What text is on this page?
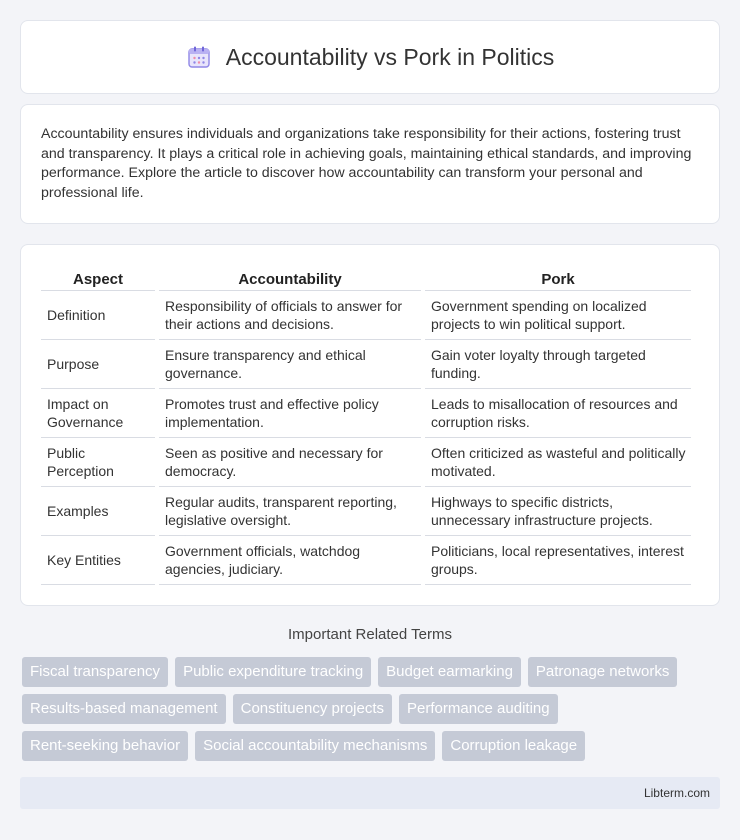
Accountability vs Pork in Politics

Accountability ensures individuals and organizations take responsibility for their actions, fostering trust and transparency. It plays a critical role in achieving goals, maintaining ethical standards, and improving performance. Explore the article to discover how accountability can transform your personal and professional life.

Aspect	Accountability	Pork
Definition	Responsibility of officials to answer for their actions and decisions.	Government spending on localized projects to win political support.
Purpose	Ensure transparency and ethical governance.	Gain voter loyalty through targeted funding.
Impact on Governance	Promotes trust and effective policy implementation.	Leads to misallocation of resources and corruption risks.
Public Perception	Seen as positive and necessary for democracy.	Often criticized as wasteful and politically motivated.
Examples	Regular audits, transparent reporting, legislative oversight.	Highways to specific districts, unnecessary infrastructure projects.
Key Entities	Government officials, watchdog agencies, judiciary.	Politicians, local representatives, interest groups.
Important Related Terms
Fiscal transparency	Public expenditure tracking	Budget earmarking	Patronage networks
Results-based management	Constituency projects	Performance auditing
Rent-seeking behavior	Social accountability mechanisms	Corruption leakage
Libterm.com
